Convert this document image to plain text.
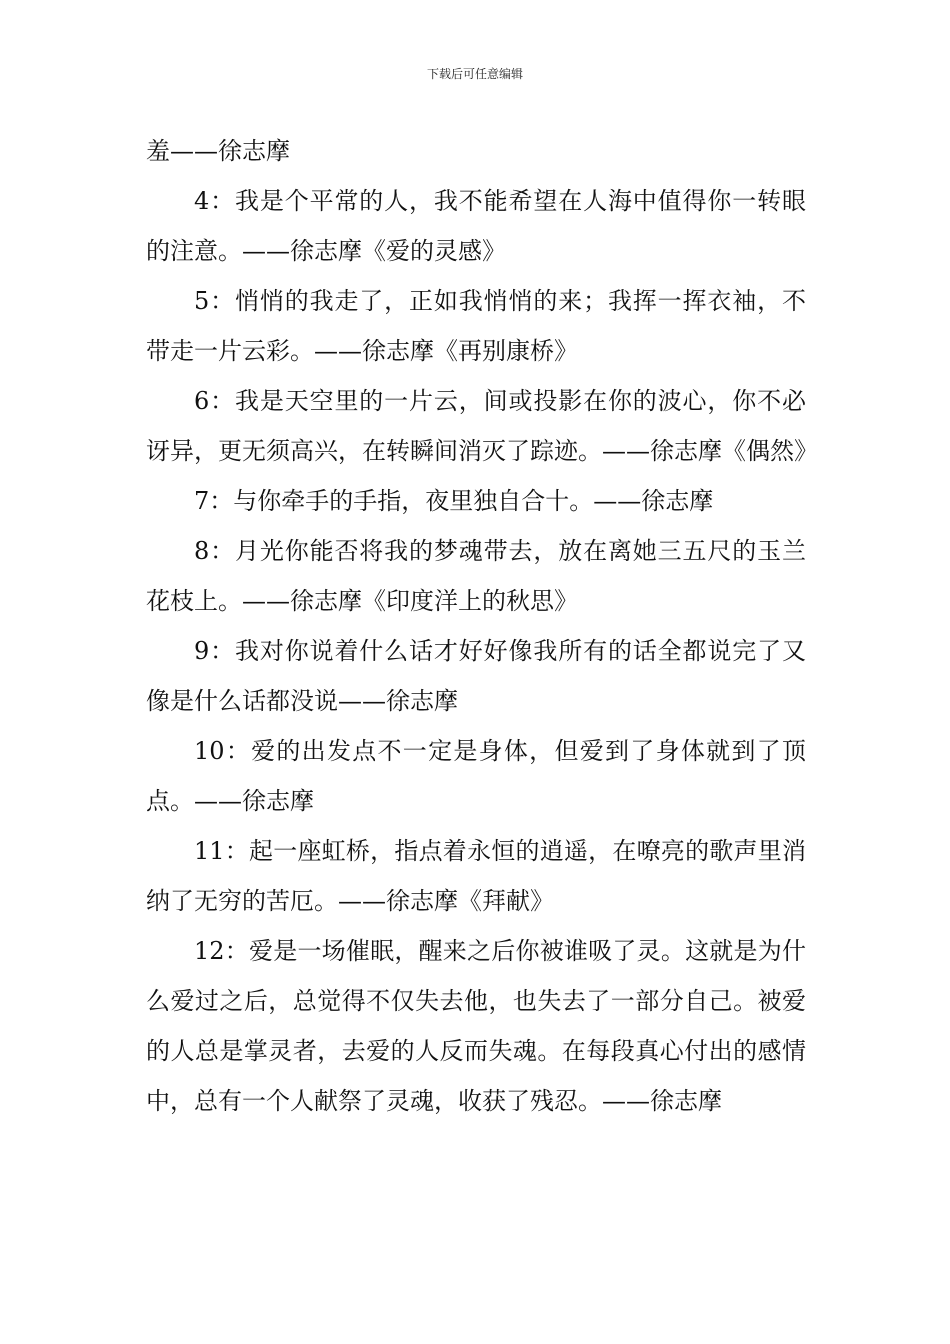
下载后可任意编辑

羞——徐志摩

4：我是个平常的人，我不能希望在人海中值得你一转眼的注意。——徐志摩《爱的灵感》

5：悄悄的我走了，正如我悄悄的来；我挥一挥衣袖，不带走一片云彩。——徐志摩《再别康桥》

6：我是天空里的一片云，间或投影在你的波心，你不必讶异，更无须高兴，在转瞬间消灭了踪迹。——徐志摩《偶然》

7：与你牵手的手指，夜里独自合十。——徐志摩

8：月光你能否将我的梦魂带去，放在离她三五尺的玉兰花枝上。——徐志摩《印度洋上的秋思》

9：我对你说着什么话才好好像我所有的话全都说完了又像是什么话都没说——徐志摩

10：爱的出发点不一定是身体，但爱到了身体就到了顶点。——徐志摩

11：起一座虹桥，指点着永恒的逍遥，在嘹亮的歌声里消纳了无穷的苦厄。——徐志摩《拜献》

12：爱是一场催眠，醒来之后你被谁吸了灵。这就是为什么爱过之后，总觉得不仅失去他，也失去了一部分自己。被爱的人总是掌灵者，去爱的人反而失魂。在每段真心付出的感情中，总有一个人献祭了灵魂，收获了残忍。——徐志摩
